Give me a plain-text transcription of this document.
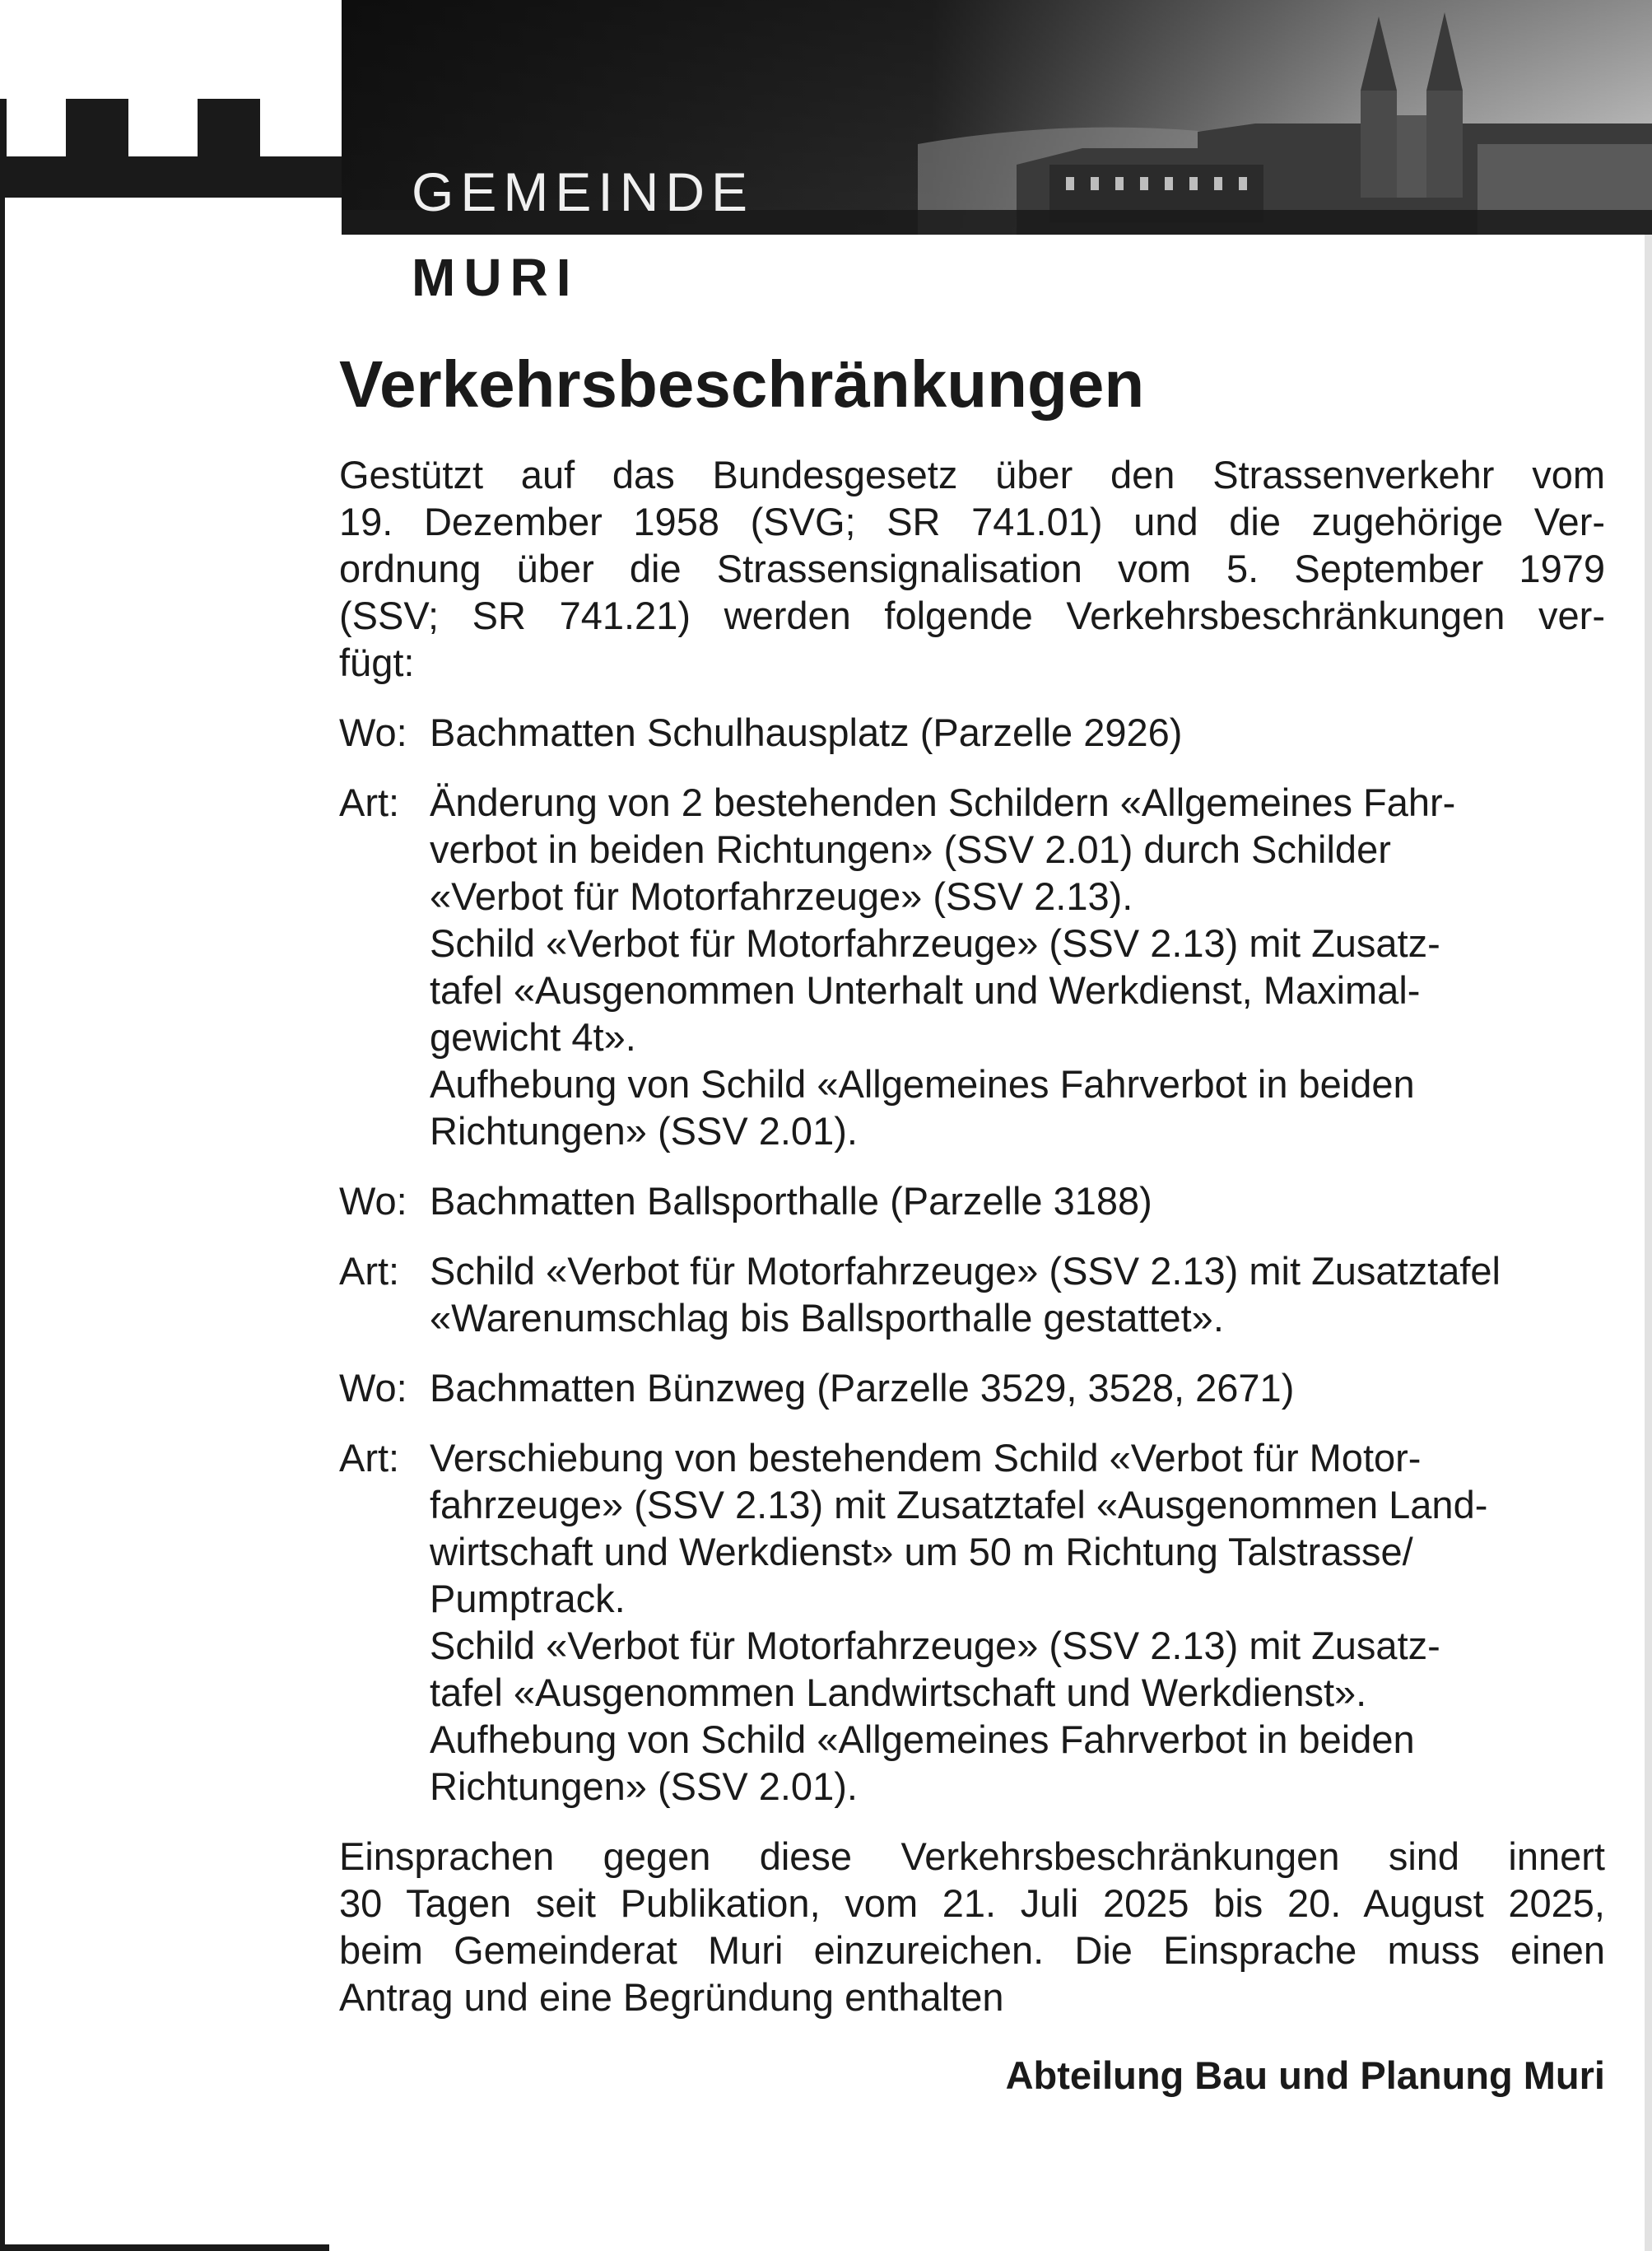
GEMEINDE
MURI
Verkehrsbeschränkungen
Gestützt auf das Bundesgesetz über den Strassenverkehr vom
19. Dezember 1958 (SVG; SR 741.01) und die zugehörige Ver-
ordnung über die Strassensignalisation vom 5. September 1979
(SSV; SR 741.21) werden folgende Verkehrsbeschränkungen ver-
fügt:
Wo: Bachmatten Schulhausplatz (Parzelle 2926)
Art: Änderung von 2 bestehenden Schildern «Allgemeines Fahr-
verbot in beiden Richtungen» (SSV 2.01) durch Schilder
«Verbot für Motorfahrzeuge» (SSV 2.13).
Schild «Verbot für Motorfahrzeuge» (SSV 2.13) mit Zusatz-
tafel «Ausgenommen Unterhalt und Werkdienst, Maximal-
gewicht 4t».
Aufhebung von Schild «Allgemeines Fahrverbot in beiden
Richtungen» (SSV 2.01).
Wo: Bachmatten Ballsporthalle (Parzelle 3188)
Art: Schild «Verbot für Motorfahrzeuge» (SSV 2.13) mit Zusatztafel
«Warenumschlag bis Ballsporthalle gestattet».
Wo: Bachmatten Bünzweg (Parzelle 3529, 3528, 2671)
Art: Verschiebung von bestehendem Schild «Verbot für Motor-
fahrzeuge» (SSV 2.13) mit Zusatztafel «Ausgenommen Land-
wirtschaft und Werkdienst» um 50 m Richtung Talstrasse/
Pumptrack.
Schild «Verbot für Motorfahrzeuge» (SSV 2.13) mit Zusatz-
tafel «Ausgenommen Landwirtschaft und Werkdienst».
Aufhebung von Schild «Allgemeines Fahrverbot in beiden
Richtungen» (SSV 2.01).
Einsprachen gegen diese Verkehrsbeschränkungen sind innert
30 Tagen seit Publikation, vom 21. Juli 2025 bis 20. August 2025,
beim Gemeinderat Muri einzureichen. Die Einsprache muss einen
Antrag und eine Begründung enthalten
Abteilung Bau und Planung Muri
